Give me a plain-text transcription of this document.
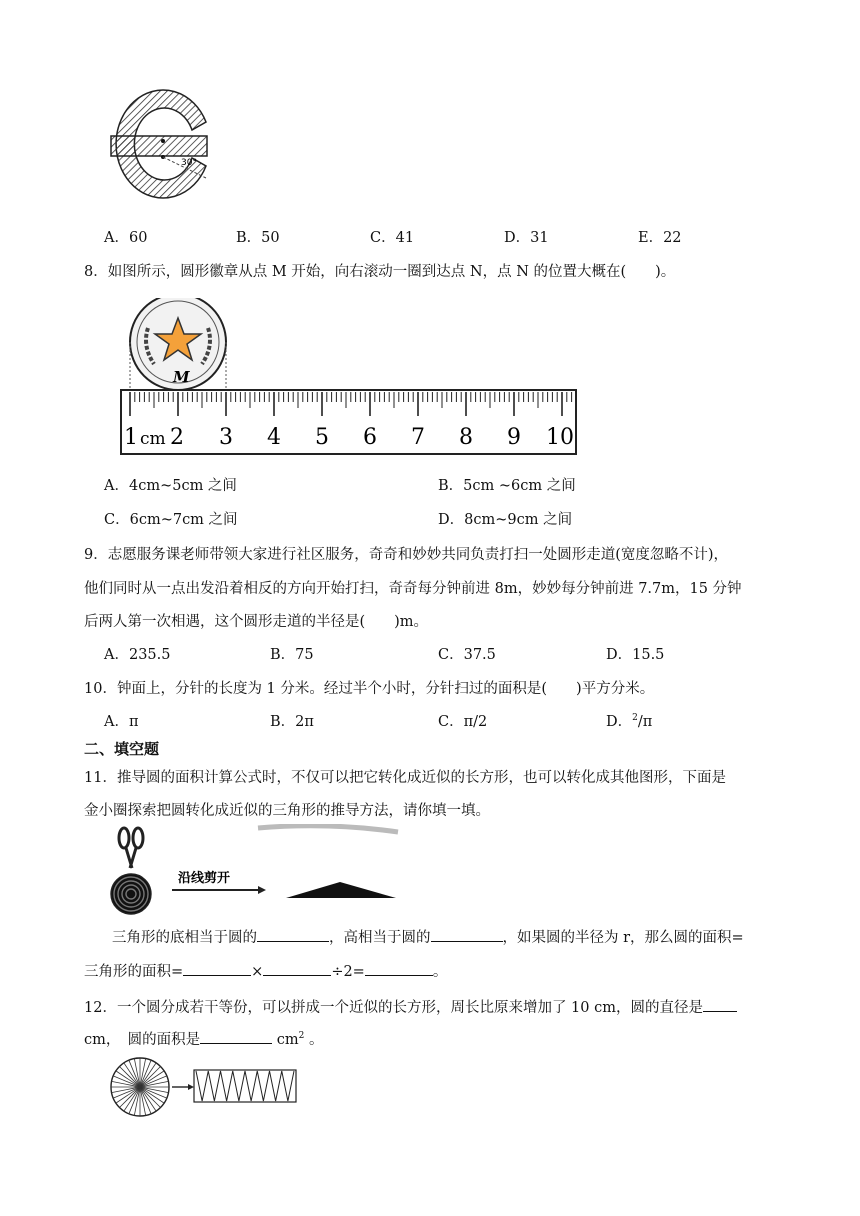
30°
A．60	B．50	C．41	D．31	E．22
8．如图所示，圆形徽章从点 M 开始，向右滚动一圈到达点 N，点 N 的位置大概在(　　)。
M
1 cm 2 3 4 5 6 7 8 9 10
A．4cm~5cm 之间	B．5cm ~6cm 之间
C．6cm~7cm 之间	D．8cm~9cm 之间
9．志愿服务课老师带领大家进行社区服务，奇奇和妙妙共同负责打扫一处圆形走道(宽度忽略不计)，
他们同时从一点出发沿着相反的方向开始打扫，奇奇每分钟前进 8m，妙妙每分钟前进 7.7m，15 分钟
后两人第一次相遇，这个圆形走道的半径是(　　)m。
A．235.5	B．75	C．37.5	D．15.5
10．钟面上，分针的长度为 1 分米。经过半个小时，分针扫过的面积是(　　)平方分米。
A．π	B．2π	C．π/2	D．$^2$/π
二、填空题
11．推导圆的面积计算公式时，不仅可以把它转化成近似的长方形，也可以转化成其他图形，下面是
金小圈探索把圆转化成近似的三角形的推导方法，请你填一填。
沿线剪开
三角形的底相当于圆的	，高相当于圆的	，如果圆的半径为 r，那么圆的面积=
三角形的面积=	×	÷2=	。
12．一个圆分成若干等份，可以拼成一个近似的长方形，周长比原来增加了 10 cm，圆的直径是
cm，　圆的面积是	$cm^2$ 。
